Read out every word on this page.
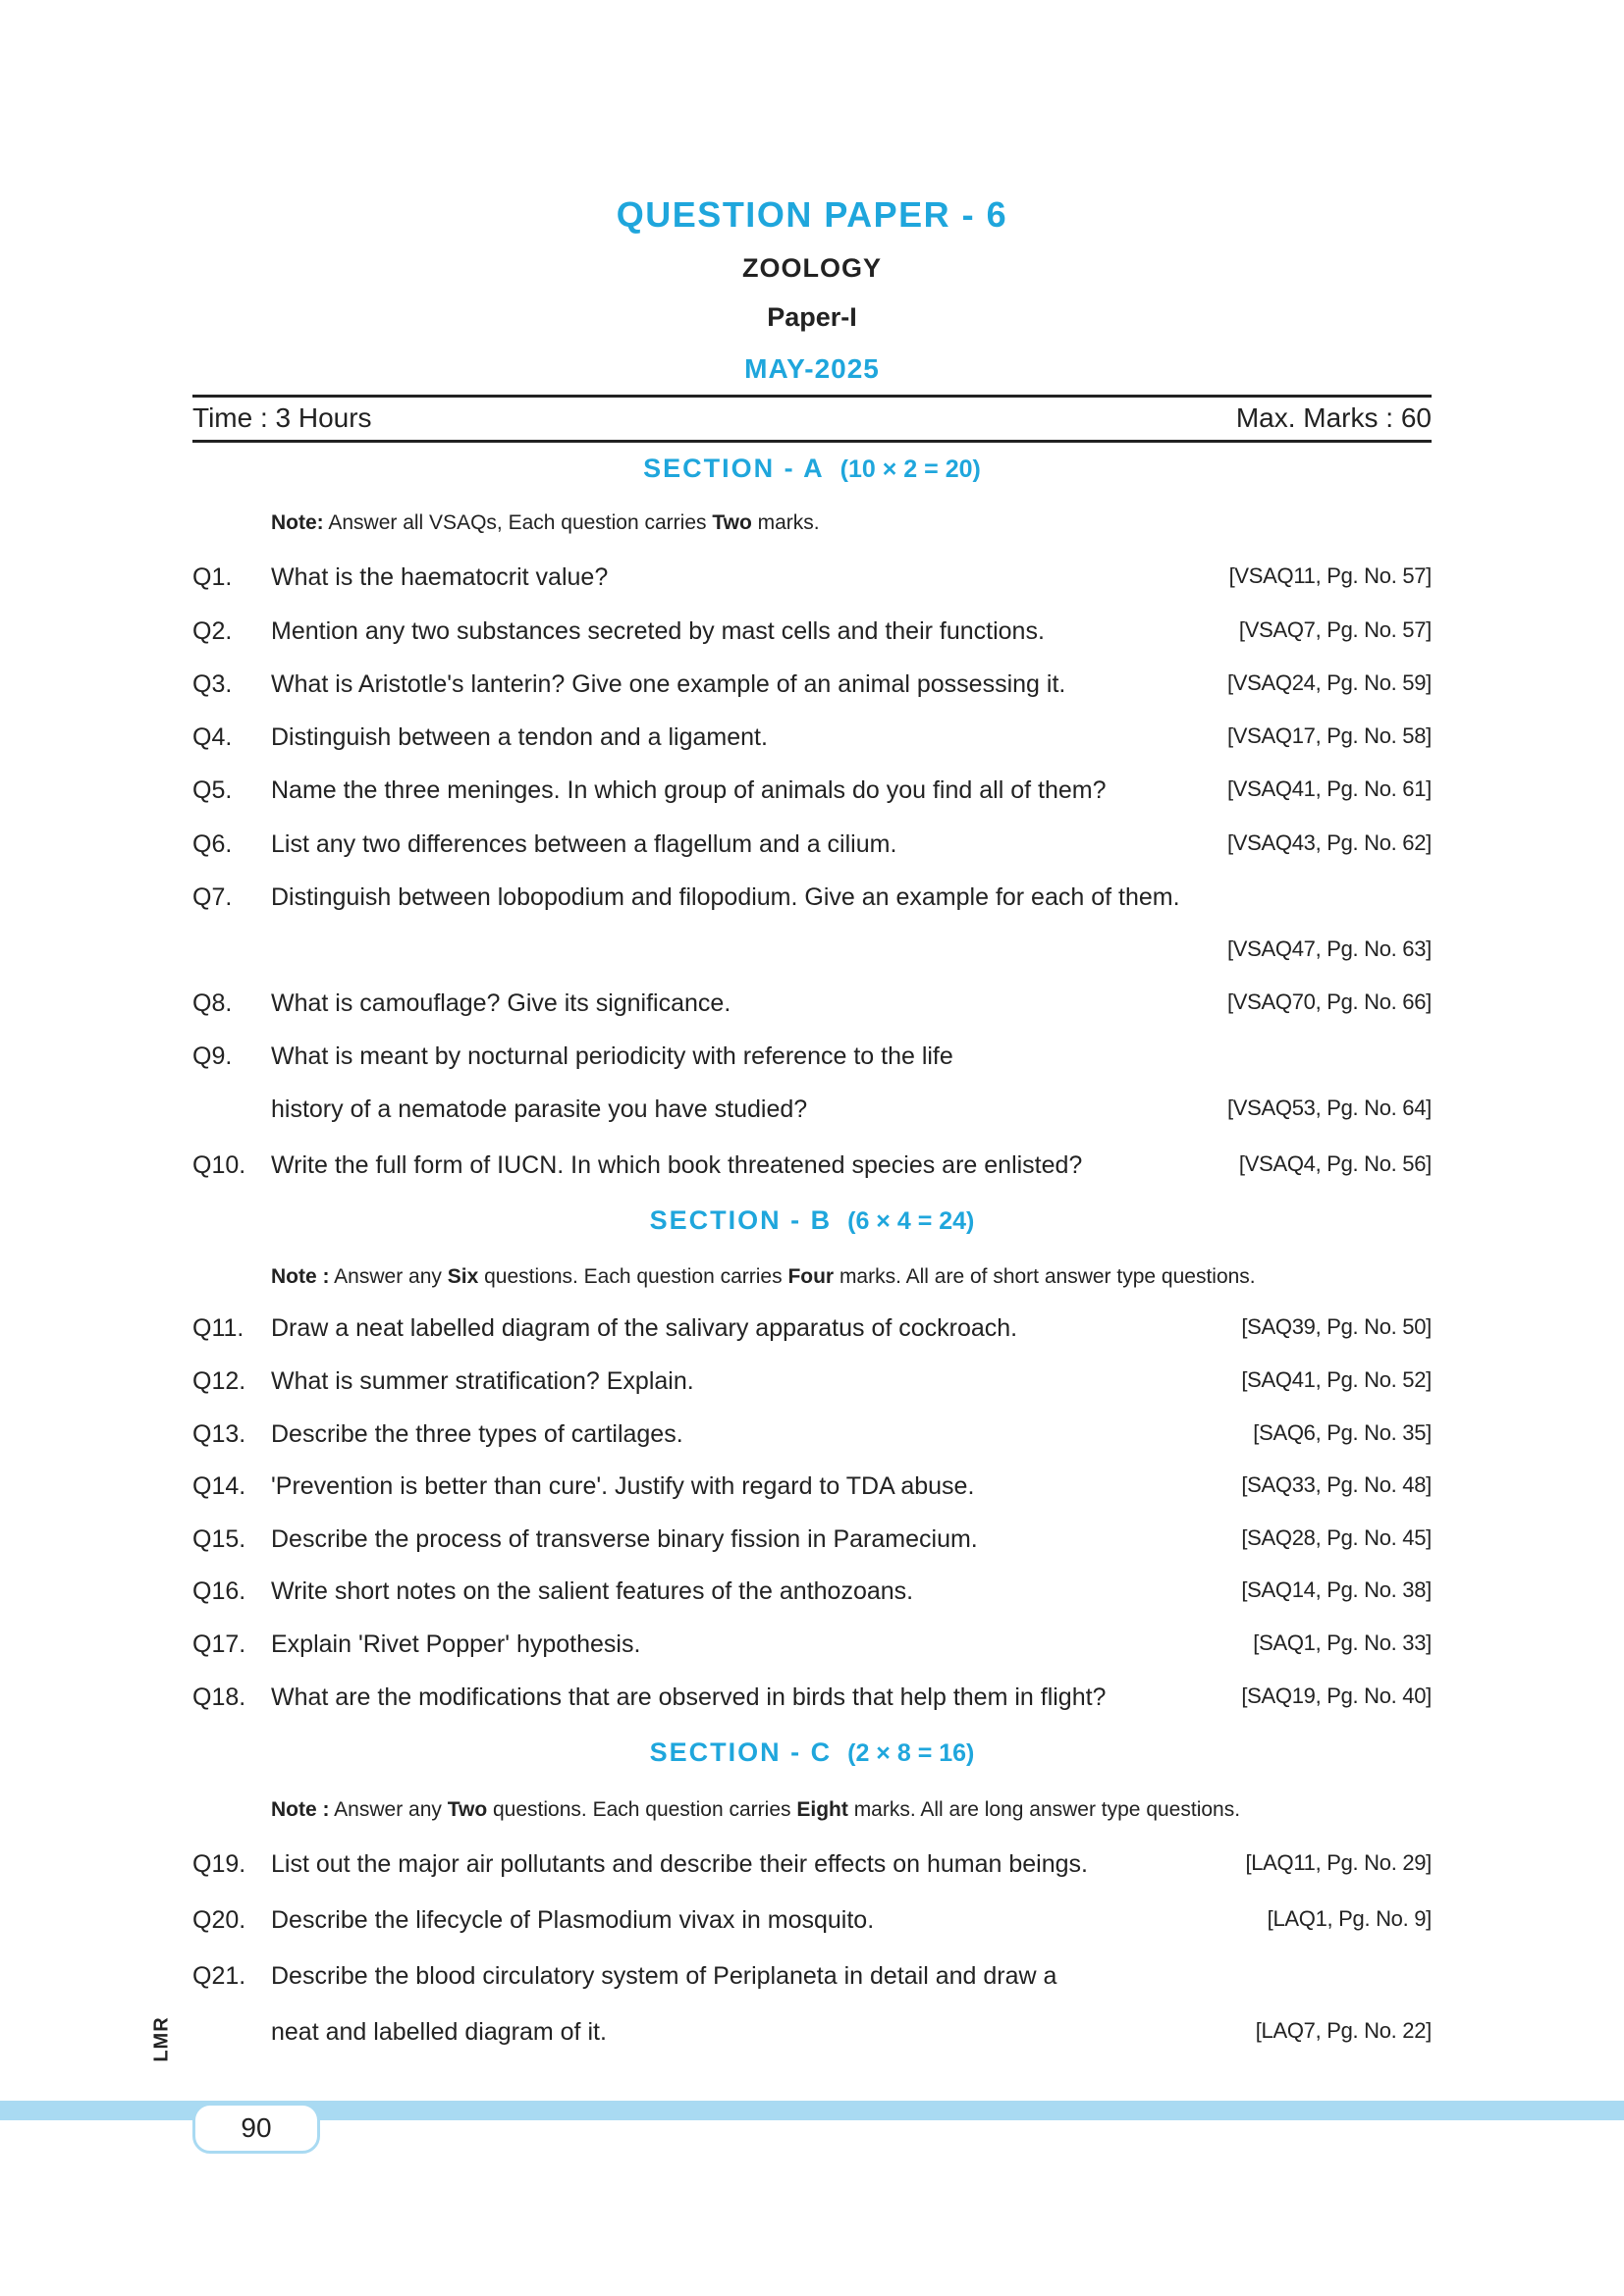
QUESTION PAPER - 6
ZOOLOGY
Paper-I
MAY-2025
Time : 3 Hours	Max. Marks : 60
SECTION - A (10 × 2 = 20)
Note: Answer all VSAQs, Each question carries Two marks.
Q1. What is the haematocrit value?	[VSAQ11, Pg. No. 57]
Q2. Mention any two substances secreted by mast cells and their functions.	[VSAQ7, Pg. No. 57]
Q3. What is Aristotle's lanterin? Give one example of an animal possessing it.	[VSAQ24, Pg. No. 59]
Q4. Distinguish between a tendon and a ligament.	[VSAQ17, Pg. No. 58]
Q5. Name the three meninges. In which group of animals do you find all of them?	[VSAQ41, Pg. No. 61]
Q6. List any two differences between a flagellum and a cilium.	[VSAQ43, Pg. No. 62]
Q7. Distinguish between lobopodium and filopodium. Give an example for each of them.
[VSAQ47, Pg. No. 63]
Q8. What is camouflage? Give its significance.	[VSAQ70, Pg. No. 66]
Q9. What is meant by nocturnal periodicity with reference to the life
history of a nematode parasite you have studied?	[VSAQ53, Pg. No. 64]
Q10. Write the full form of IUCN. In which book threatened species are enlisted?	[VSAQ4, Pg. No. 56]
SECTION - B (6 × 4 = 24)
Note : Answer any Six questions. Each question carries Four marks. All are of short answer type questions.
Q11. Draw a neat labelled diagram of the salivary apparatus of cockroach.	[SAQ39, Pg. No. 50]
Q12. What is summer stratification? Explain.	[SAQ41, Pg. No. 52]
Q13. Describe the three types of cartilages.	[SAQ6, Pg. No. 35]
Q14. 'Prevention is better than cure'. Justify with regard to TDA abuse.	[SAQ33, Pg. No. 48]
Q15. Describe the process of transverse binary fission in Paramecium.	[SAQ28, Pg. No. 45]
Q16. Write short notes on the salient features of the anthozoans.	[SAQ14, Pg. No. 38]
Q17. Explain 'Rivet Popper' hypothesis.	[SAQ1, Pg. No. 33]
Q18. What are the modifications that are observed in birds that help them in flight?	[SAQ19, Pg. No. 40]
SECTION - C (2 × 8 = 16)
Note : Answer any Two questions. Each question carries Eight marks. All are long answer type questions.
Q19. List out the major air pollutants and describe their effects on human beings.	[LAQ11, Pg. No. 29]
Q20. Describe the lifecycle of Plasmodium vivax in mosquito.	[LAQ1, Pg. No. 9]
Q21. Describe the blood circulatory system of Periplaneta in detail and draw a
neat and labelled diagram of it.	[LAQ7, Pg. No. 22]
LMR
90
